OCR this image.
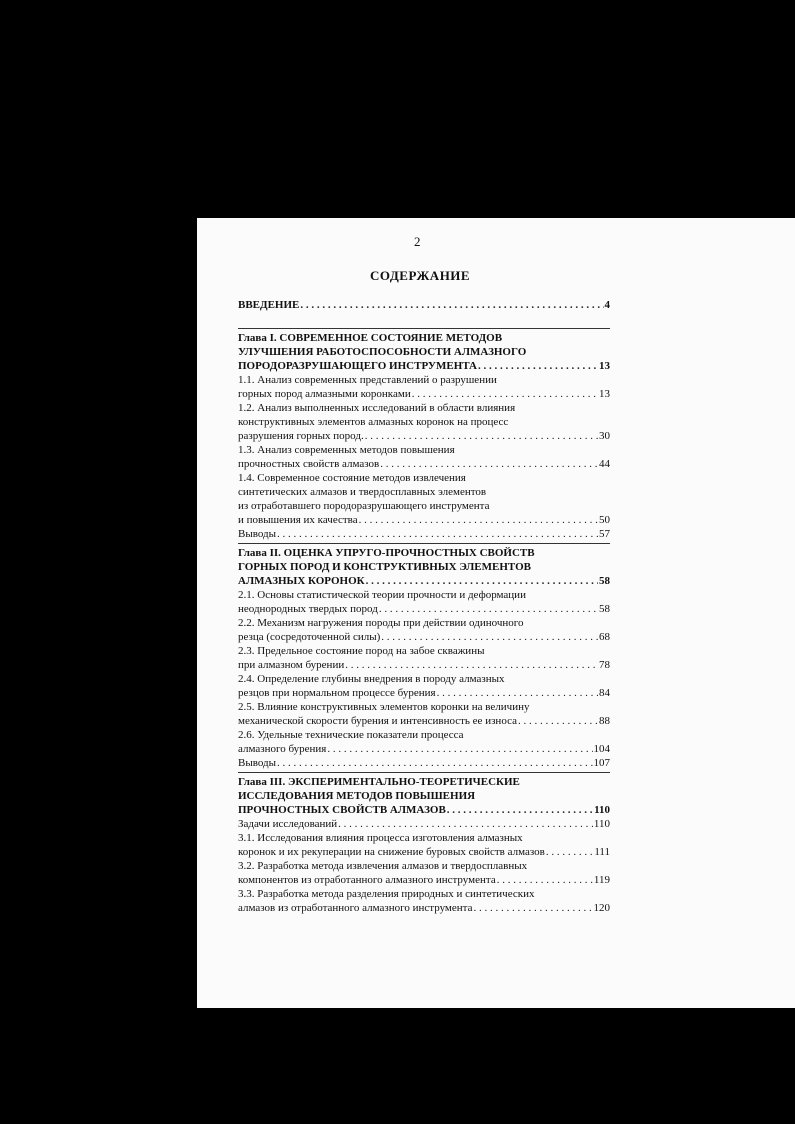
2
СОДЕРЖАНИЕ
ВВЕДЕНИЕ . . .	4
Глава I. СОВРЕМЕННОЕ СОСТОЯНИЕ МЕТОДОВ
УЛУЧШЕНИЯ РАБОТОСПОСОБНОСТИ АЛМАЗНОГО
ПОРОДОРАЗРУШАЮЩЕГО ИНСТРУМЕНТА . . .	13
1.1. Анализ современных представлений о разрушении
горных пород алмазными коронками . . .	13
1.2. Анализ выполненных исследований в области влияния
конструктивных элементов алмазных коронок на процесс
разрушения горных пород. . . .	30
1.3. Анализ современных методов повышения
прочностных свойств алмазов . . .	44
1.4. Современное состояние методов извлечения
синтетических алмазов и твердосплавных элементов
из отработавшего породоразрушающего инструмента
и повышения их качества . . .	50
Выводы . . .	57
Глава II. ОЦЕНКА УПРУГО-ПРОЧНОСТНЫХ СВОЙСТВ
ГОРНЫХ ПОРОД И КОНСТРУКТИВНЫХ ЭЛЕМЕНТОВ
АЛМАЗНЫХ КОРОНОК . . .	58
2.1. Основы статистической теории прочности и деформации
неоднородных твердых пород . . .	58
2.2. Механизм нагружения породы при действии одиночного
резца (сосредоточенной силы) . . .	68
2.3. Предельное состояние пород на забое скважины
при алмазном бурении . . .	78
2.4. Определение глубины внедрения в породу алмазных
резцов при нормальном процессе бурения . . .	84
2.5. Влияние конструктивных элементов коронки на величину
механической скорости бурения и интенсивность ее износа . . .	88
2.6. Удельные технические показатели процесса
алмазного бурения . . .	104
Выводы . . .	107
Глава III. ЭКСПЕРИМЕНТАЛЬНО-ТЕОРЕТИЧЕСКИЕ
ИССЛЕДОВАНИЯ МЕТОДОВ ПОВЫШЕНИЯ
ПРОЧНОСТНЫХ СВОЙСТВ АЛМАЗОВ . . .	110
Задачи исследований . . .	110
3.1. Исследования влияния процесса изготовления алмазных
коронок и их рекуперации на снижение буровых свойств алмазов . . .	111
3.2. Разработка метода извлечения алмазов и твердосплавных
компонентов из отработанного алмазного инструмента . . .	119
3.3. Разработка метода разделения природных и синтетических
алмазов из отработанного алмазного инструмента . . .	120
